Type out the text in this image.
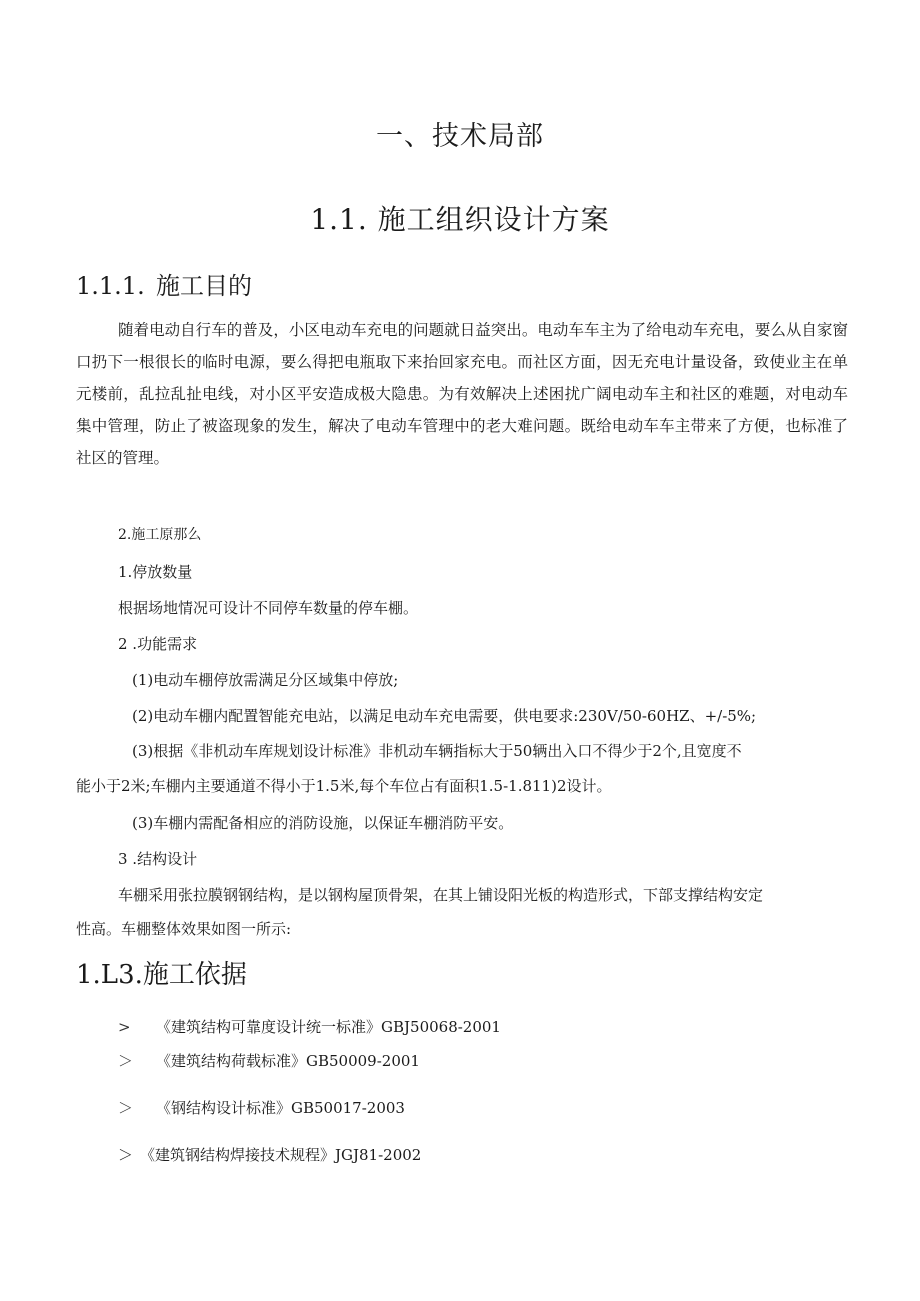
一、技术局部
1.1. 施工组织设计方案
1.1.1. 施工目的
随着电动自行车的普及，小区电动车充电的问题就日益突出。电动车车主为了给电动车充电，要么从自家窗口扔下一根很长的临时电源，要么得把电瓶取下来抬回家充电。而社区方面，因无充电计量设备，致使业主在单元楼前，乱拉乱扯电线，对小区平安造成极大隐患。为有效解决上述困扰广阔电动车主和社区的难题，对电动车集中管理，防止了被盗现象的发生，解决了电动车管理中的老大难问题。既给电动车车主带来了方便，也标准了社区的管理。
2.施工原那么
1.停放数量
根据场地情况可设计不同停车数量的停车棚。
2 .功能需求
(1)电动车棚停放需满足分区域集中停放;
(2)电动车棚内配置智能充电站，以满足电动车充电需要，供电要求:230V/50-60HZ、+/-5%;
(3)根据《非机动车库规划设计标准》非机动车辆指标大于50辆出入口不得少于2个,且宽度不
能小于2米;车棚内主要通道不得小于1.5米,每个车位占有面积1.5-1.811)2设计。
(3)车棚内需配备相应的消防设施，以保证车棚消防平安。
3 .结构设计
车棚采用张拉膜钢钢结构，是以钢构屋顶骨架，在其上铺设阳光板的构造形式，下部支撑结构安定
性高。车棚整体效果如图一所示:
1.L3.施工依据
> 《建筑结构可靠度设计统一标准》GBJ50068-2001
＞ 《建筑结构荷载标准》GB50009-2001
＞ 《钢结构设计标准》GB50017-2003
＞ 《建筑钢结构焊接技术规程》JGJ81-2002
